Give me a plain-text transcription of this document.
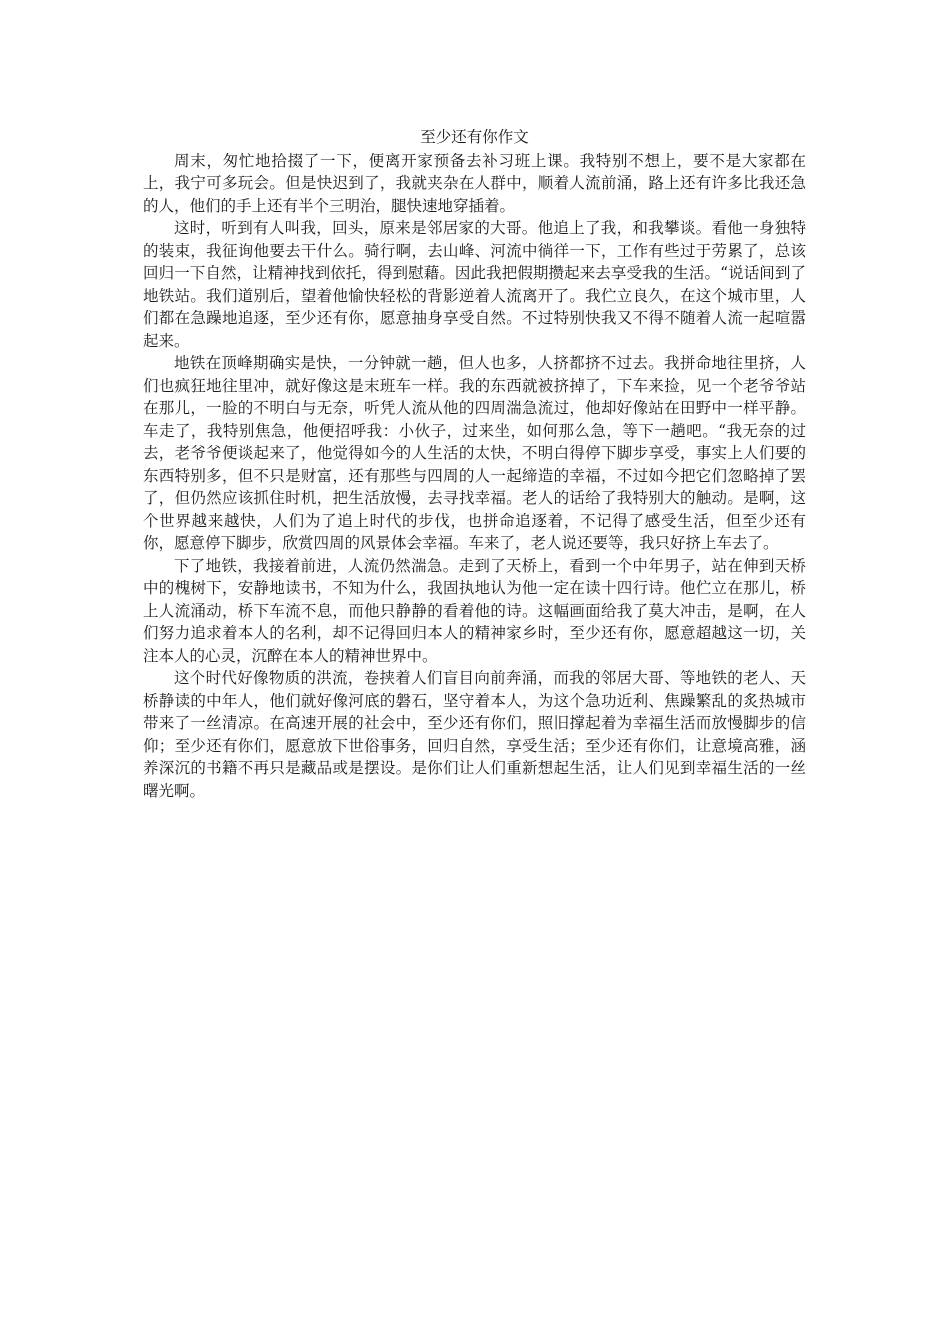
至少还有你作文

周末，匆忙地拾掇了一下，便离开家预备去补习班上课。我特别不想上，要不是大家都在上，我宁可多玩会。但是快迟到了，我就夹杂在人群中，顺着人流前涌，路上还有许多比我还急的人，他们的手上还有半个三明治，腿快速地穿插着。

这时，听到有人叫我，回头，原来是邻居家的大哥。他追上了我，和我攀谈。看他一身独特的装束，我征询他要去干什么。骑行啊，去山峰、河流中徜徉一下，工作有些过于劳累了，总该回归一下自然，让精神找到依托，得到慰藉。因此我把假期攒起来去享受我的生活。“说话间到了地铁站。我们道别后，望着他愉快轻松的背影逆着人流离开了。我伫立良久，在这个城市里，人们都在急躁地追逐，至少还有你，愿意抽身享受自然。不过特别快我又不得不随着人流一起喧嚣起来。

地铁在顶峰期确实是快，一分钟就一趟，但人也多，人挤都挤不过去。我拼命地往里挤，人们也疯狂地往里冲，就好像这是末班车一样。我的东西就被挤掉了，下车来捡，见一个老爷爷站在那儿，一脸的不明白与无奈，听凭人流从他的四周湍急流过，他却好像站在田野中一样平静。车走了，我特别焦急，他便招呼我：小伙子，过来坐，如何那么急，等下一趟吧。“我无奈的过去，老爷爷便谈起来了，他觉得如今的人生活的太快，不明白得停下脚步享受，事实上人们要的东西特别多，但不只是财富，还有那些与四周的人一起缔造的幸福，不过如今把它们忽略掉了罢了，但仍然应该抓住时机，把生活放慢，去寻找幸福。老人的话给了我特别大的触动。是啊，这个世界越来越快，人们为了追上时代的步伐，也拼命追逐着，不记得了感受生活，但至少还有你，愿意停下脚步，欣赏四周的风景体会幸福。车来了，老人说还要等，我只好挤上车去了。

下了地铁，我接着前进，人流仍然湍急。走到了天桥上，看到一个中年男子，站在伸到天桥中的槐树下，安静地读书，不知为什么，我固执地认为他一定在读十四行诗。他伫立在那儿，桥上人流涌动，桥下车流不息，而他只静静的看着他的诗。这幅画面给我了莫大冲击，是啊，在人们努力追求着本人的名利，却不记得回归本人的精神家乡时，至少还有你，愿意超越这一切，关注本人的心灵，沉醉在本人的精神世界中。

这个时代好像物质的洪流，卷挟着人们盲目向前奔涌，而我的邻居大哥、等地铁的老人、天桥静读的中年人，他们就好像河底的磐石，坚守着本人，为这个急功近利、焦躁繁乱的炙热城市带来了一丝清凉。在高速开展的社会中，至少还有你们，照旧撑起着为幸福生活而放慢脚步的信仰；至少还有你们，愿意放下世俗事务，回归自然，享受生活；至少还有你们，让意境高雅，涵养深沉的书籍不再只是藏品或是摆设。是你们让人们重新想起生活，让人们见到幸福生活的一丝曙光啊。
